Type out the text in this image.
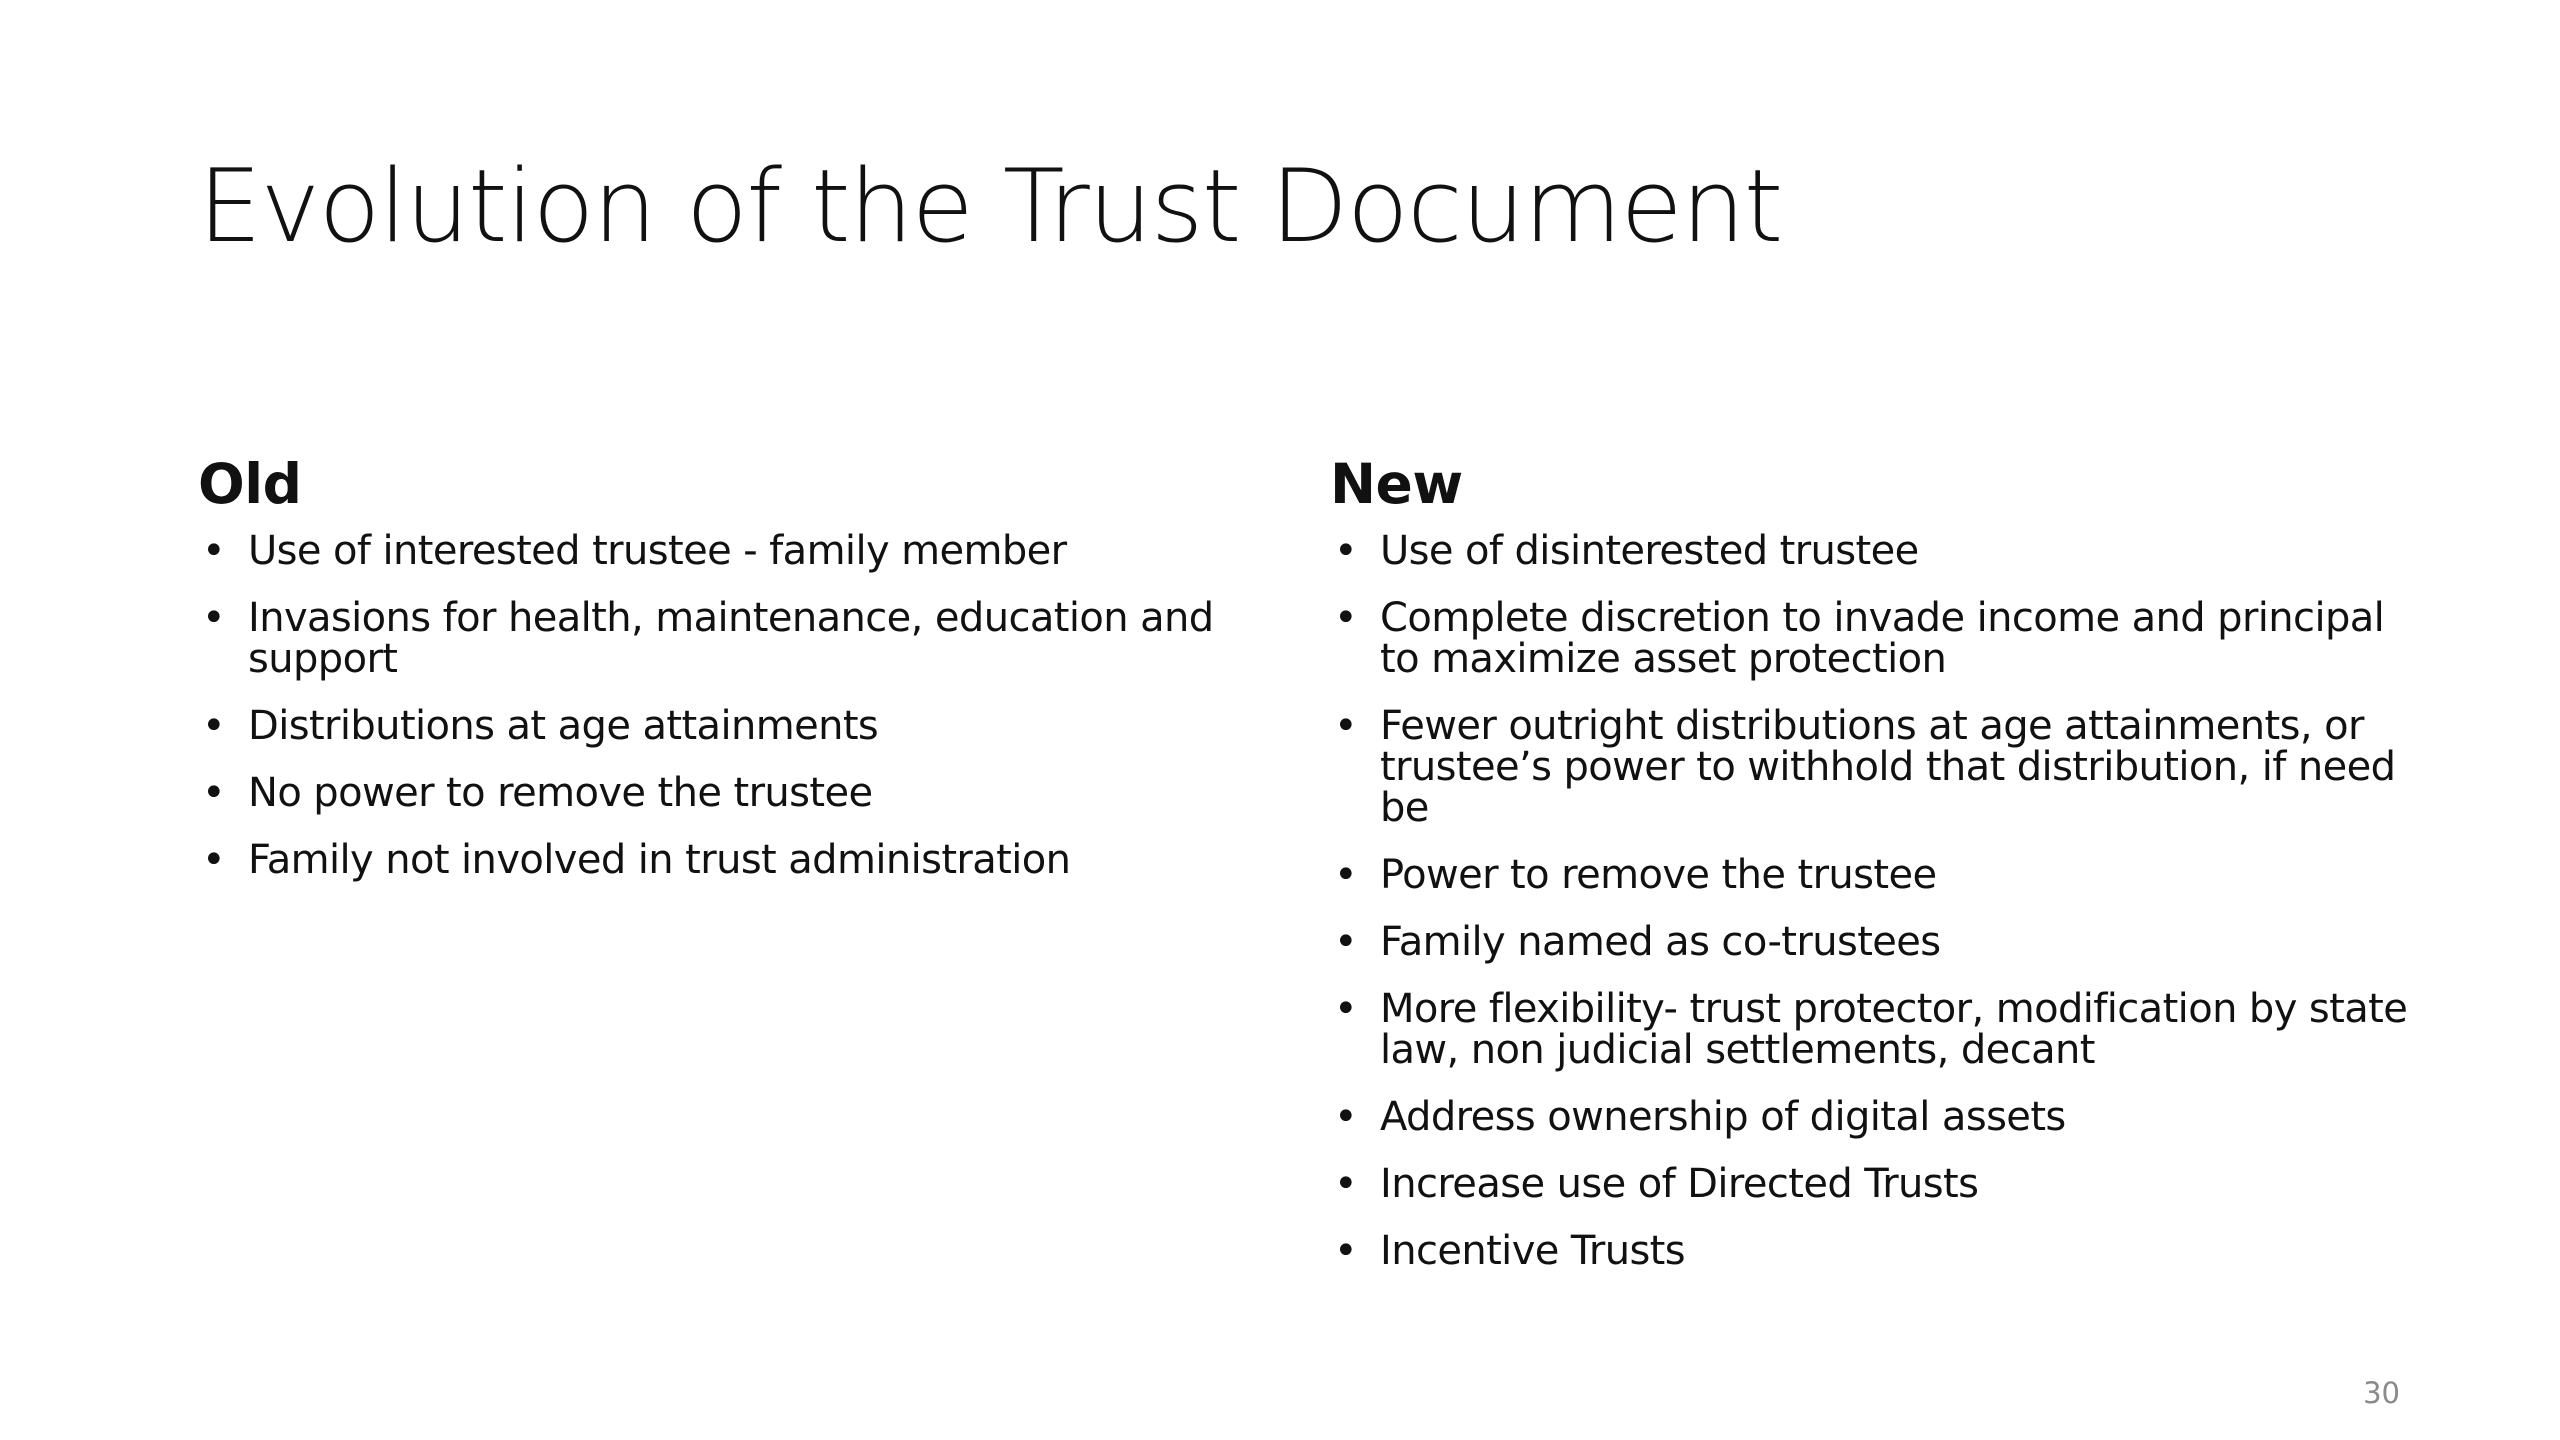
Evolution of the Trust Document
Old
• Use of interested trustee - family member
• Invasions for health, maintenance, education and support
• Distributions at age attainments
• No power to remove the trustee
• Family not involved in trust administration
New
• Use of disinterested trustee
• Complete discretion to invade income and principal to maximize asset protection
• Fewer outright distributions at age attainments, or trustee’s power to withhold that distribution, if need be
• Power to remove the trustee
• Family named as co-trustees
• More flexibility- trust protector, modification by state law, non judicial settlements, decant
• Address ownership of digital assets
• Increase use of Directed Trusts
• Incentive Trusts
30
